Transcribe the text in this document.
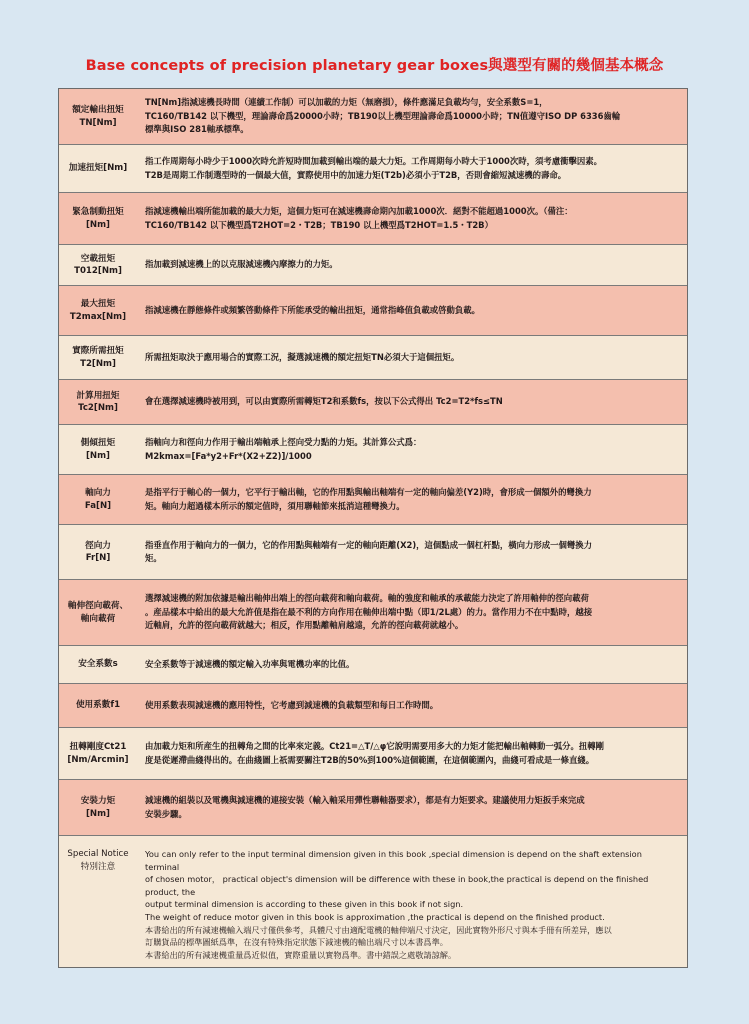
Base concepts of precision planetary gear boxes與選型有關的幾個基本概念
額定輸出扭矩
TN[Nm]
TN[Nm]指減速機長時間（連續工作制）可以加載的力矩（無磨損），條件應滿足負載均勻，安全系數S=1，
TC160/TB142 以下機型，理論壽命爲20000小時；TB190以上機型理論壽命爲10000小時；TN值遵守ISO DP 6336齒輪
標準與ISO 281軸承標準。
加速扭矩[Nm]
指工作周期每小時少于1000次時允許短時間加載到輸出端的最大力矩。工作周期每小時大于1000次時，須考慮衝擊因素。
T2B是周期工作制選型時的一個最大值，實際使用中的加速力矩(T2b)必須小于T2B，否則會縮短減速機的壽命。
緊急制動扭矩
[Nm]
指減速機輸出端所能加載的最大力矩，這個力矩可在減速機壽命期內加載1000次．絕對不能超過1000次。（備注：
TC160/TB142 以下機型爲T2HOT=2・T2B；TB190 以上機型爲T2HOT=1.5・T2B）
空載扭矩
T012[Nm]
指加載到減速機上的以克服減速機內摩擦力的力矩。
最大扭矩
T2max[Nm]
指減速機在靜態條件或頻繁啓動條件下所能承受的輸出扭矩，通常指峰值負載或啓動負載。
實際所需扭矩
T2[Nm]
所需扭矩取決于應用場合的實際工況，擬選減速機的額定扭矩TN必須大于這個扭矩。
計算用扭矩
Tc2[Nm]
會在選擇減速機時被用到，可以由實際所需轉矩T2和系數fs，按以下公式得出 Tc2=T2*fs≤TN
側傾扭矩
[Nm]
指軸向力和徑向力作用于輸出端軸承上徑向受力點的力矩。其計算公式爲：
M2kmax=[Fa*y2+Fr*(X2+Z2)]/1000
軸向力
Fa[N]
是指平行于軸心的一個力，它平行于輸出軸，它的作用點與輸出軸端有一定的軸向偏差(Y2)時，會形成一個額外的彎換力
矩。軸向力超過樣本所示的額定值時，須用聯軸節來抵消這種彎換力。
徑向力
Fr[N]
指垂直作用于軸向力的一個力，它的作用點與軸端有一定的軸向距離(X2)，這個點成一個杠杆點，橫向力形成一個彎換力
矩。
軸伸徑向載荷、
軸向載荷
選擇減速機的附加依據是輸出軸伸出端上的徑向載荷和軸向載荷。軸的強度和軸承的承載能力決定了許用軸伸的徑向載荷
。産品樣本中給出的最大允許值是指在最不利的方向作用在軸伸出端中點（即1/2L處）的力。當作用力不在中點時，越接
近軸肩，允許的徑向載荷就越大；相反，作用點離軸肩越遠，允許的徑向載荷就越小。
安全系數s	安全系數等于減速機的額定輸入功率與電機功率的比值。
使用系數f1	使用系數表現減速機的應用特性，它考慮到減速機的負載類型和每日工作時間。
扭轉剛度Ct21
[Nm/Arcmin]
由加載力矩和所産生的扭轉角之間的比率來定義。Ct21=△T/△φ它說明需要用多大的力矩才能把輸出軸轉動一弧分。扭轉剛
度是從遲滯曲綫得出的。在曲綫圖上祇需要關注T2B的50%到100%這個範圍，在這個範圍內，曲綫可看成是一條直綫。
安裝力矩
[Nm]
減速機的組裝以及電機與減速機的連接安裝（輸入軸采用彈性聯軸器要求），都是有力矩要求。建議使用力矩扳手來完成
安裝步驟。
Special Notice
特別注意
You can only refer to the input terminal dimension given in this book ,special dimension is depend on the shaft extension terminal
of chosen motor， practical object's dimension will be difference with these in book,the practical is depend on the finished product, the
output terminal dimension is according to these given in this book if not sign.
The weight of reduce motor given in this book is approximation ,the practical is depend on the finished product.
本書給出的所有減速機輸入端尺寸僅供參考，具體尺寸由適配電機的軸伸端尺寸決定，因此實物外形尺寸與本手冊有所差异，應以
訂購貨品的標準圖紙爲準，在沒有特殊指定狀態下減速機的輸出端尺寸以本書爲準。
本書給出的所有減速機重量爲近似值，實際重量以實物爲準。書中錯誤之處敬請諒解。
